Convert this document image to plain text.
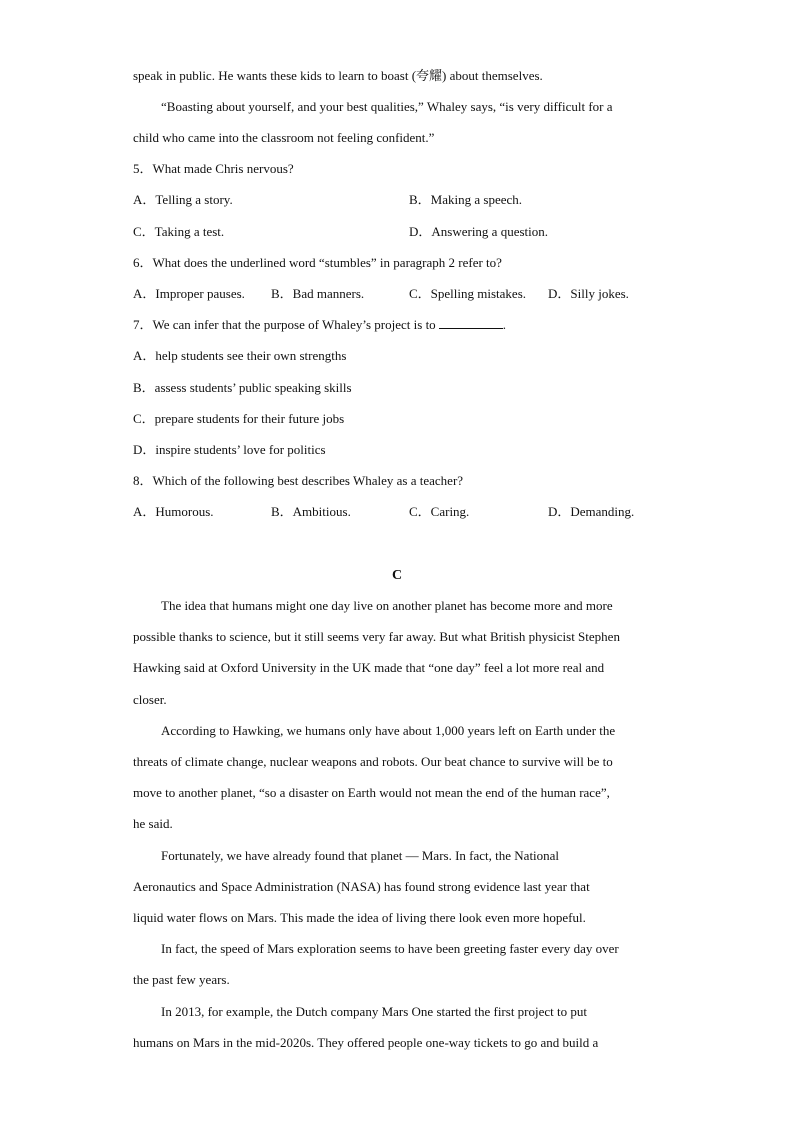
speak in public. He wants these kids to learn to boast (夸耀) about themselves.
“Boasting about yourself, and your best qualities,” Whaley says, “is very difficult for a
child who came into the classroom not feeling confident.”
5．What made Chris nervous?
A．Telling a story.	B．Making a speech.
C．Taking a test.	D．Answering a question.
6．What does the underlined word “stumbles” in paragraph 2 refer to?
A．Improper pauses. B．Bad manners.	C．Spelling mistakes. D．Silly jokes.
7．We can infer that the purpose of Whaley’s project is to	.
A．help students see their own strengths
B．assess students’ public speaking skills
C．prepare students for their future jobs
D．inspire students’ love for politics
8．Which of the following best describes Whaley as a teacher?
A．Humorous.	B．Ambitious.	C．Caring.	D．Demanding.
C
The idea that humans might one day live on another planet has become more and more
possible thanks to science, but it still seems very far away. But what British physicist Stephen
Hawking said at Oxford University in the UK made that “one day” feel a lot more real and
closer.
According to Hawking, we humans only have about 1,000 years left on Earth under the
threats of climate change, nuclear weapons and robots. Our beat chance to survive will be to
move to another planet, “so a disaster on Earth would not mean the end of the human race”,
he said.
Fortunately, we have already found that planet — Mars. In fact, the National
Aeronautics and Space Administration (NASA) has found strong evidence last year that
liquid water flows on Mars. This made the idea of living there look even more hopeful.
In fact, the speed of Mars exploration seems to have been greeting faster every day over
the past few years.
In 2013, for example, the Dutch company Mars One started the first project to put
humans on Mars in the mid-2020s. They offered people one-way tickets to go and build a
